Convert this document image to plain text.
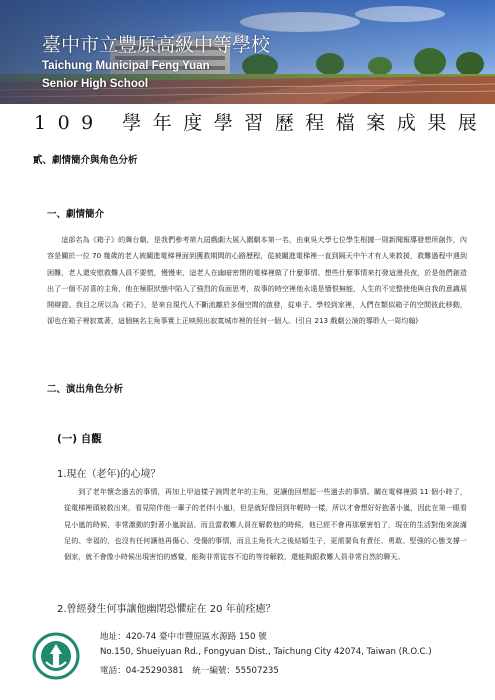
臺中市立豐原高級中等學校
Taichung Municipal Feng Yuan
Senior High School
109 學年度學習歷程檔案成果展
貳、劇情簡介與角色分析
一、劇情簡介
這部名為《箱子》的舞台劇，是我們參考第九屆戲劇大展入圍劇本第一名，由東吳大學七位學生根據一則新聞報導發想所創作，內容是關於一位 70 幾歲的老人被關進電梯裡面到獲救期間的心路歷程，從被關進電梯裡一直到隔天中午才有人來救援，救難過程中遇到困難，老人還安慰救難人員不要慌，慢慢來，這老人在幽暗密閉的電梯裡做了什麼事情、想些什麼事情來打發這漫長夜，於是他們創造出了一個不討喜的主角，他在極限狀態中陷入了強烈的負面思考，故事的時空裡他永遠是憤恨無能，人生的不完整使他與自我的意識展開辯證。我目之所以為《箱子》，是來自現代人不斷流離於多個空間的啟發，從車子、學校到家裡，人們在類似箱子的空間彼此移動，卻也在箱子裡寂寞著，這個無名主角事實上正映照出寂寞城市裡的任何一個人。(引自 213 戲劇公演的導聆人一周均翰)
二、演出角色分析
(一) 自觀
1.現在（老年)的心境？
到了老年懷念過去的事情，再加上甲這樣子詢問老年的主角，更讓他回想起一些過去的事情。關在電梯裡頭 11 個小時了，從電梯裡頭被救出來，看見陪伴他一輩子的老伴(小嵐)，但是就好像回到年輕時一樣，所以才會想好好抱著小嵐，因此在第一眼看見小嵐的時候，非常激動的對著小嵐說話，而且當救難人員在解救他的時候，他已經不會再那麼害怕了，現在的生活對他來說滿足的、幸福的，也沒有任何讓他再傷心、受傷的事情，而且主角長大之後結婚生子，更需要負有責任、勇敢、堅強的心態支撐一個家，就不會像小時候出現害怕的感覺，能夠非常從容不迫的等待解救，還能夠跟救難人員非常自然的聊天。
2.曾經發生何事讓他幽閉恐懼症在 20 年前痊癒？
地址：420-74 臺中市豐原區水源路 150 號
No.150, Shueiyuan Rd., Fongyuan Dist., Taichung City 42074, Taiwan (R.O.C.)
電話：04-25290381　統一編號：55507235
